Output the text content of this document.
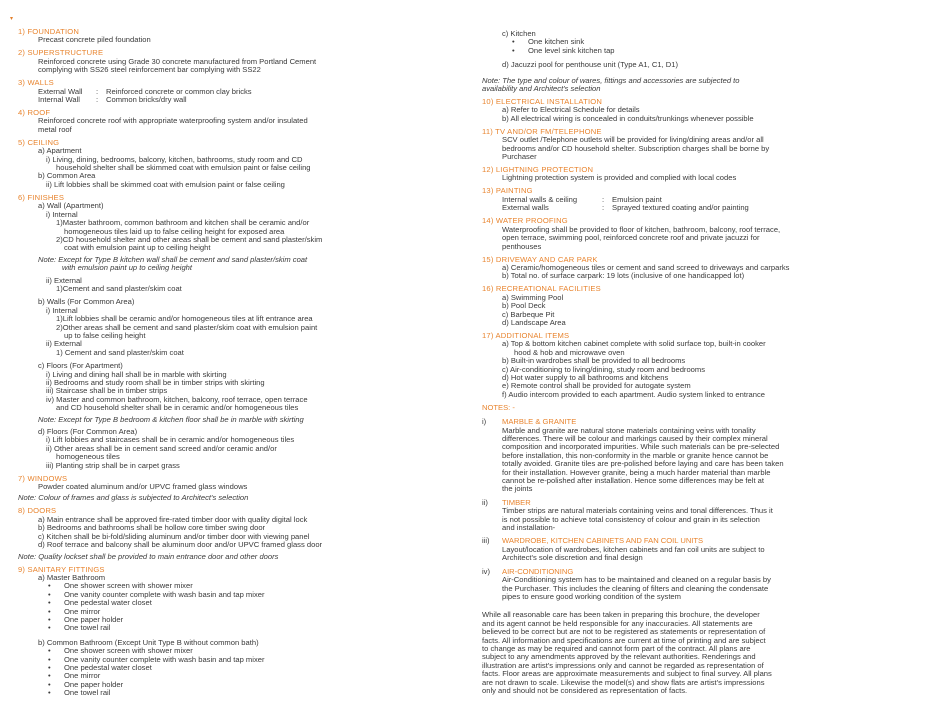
▾
1) FOUNDATION
Precast concrete piled foundation
2) SUPERSTRUCTURE
Reinforced concrete using Grade 30 concrete manufactured from Portland Cement
complying with SS26 steel reinforcement bar complying with SS22
3) WALLS
External Wall	:	Reinforced concrete or common clay bricks
Internal Wall	:	Common bricks/dry wall
4) ROOF
Reinforced concrete roof with appropriate waterproofing system and/or insulated
metal roof
5) CEILING
a) Apartment
i) Living, dining, bedrooms, balcony, kitchen, bathrooms, study room and CD
household shelter shall be skimmed coat with emulsion paint or false ceiling
b) Common Area
ii) Lift lobbies shall be skimmed coat with emulsion paint or false ceiling
6) FINISHES
a) Wall (Apartment)
i) Internal
1)Master bathroom, common bathroom and kitchen shall be ceramic and/or
homogeneous tiles laid up to false ceiling height for exposed area
2)CD household shelter and other areas shall be cement and sand plaster/skim
coat with emulsion paint up to ceiling height
Note: Except for Type B kitchen wall shall be cement and sand plaster/skim coat
with emulsion paint up to ceiling height
ii) External
1)Cement and sand plaster/skim coat
b) Walls (For Common Area)
i) Internal
1)Lift lobbies shall be ceramic and/or homogeneous tiles at lift entrance area
2)Other areas shall be cement and sand plaster/skim coat with emulsion paint
up to false ceiling height
ii) External
1) Cement and sand plaster/skim coat
c) Floors (For Apartment)
i) Living and dining hall shall be in marble with skirting
ii) Bedrooms and study room shall be in timber strips with skirting
iii) Staircase shall be in timber strips
iv) Master and common bathroom, kitchen, balcony, roof terrace, open terrace
and CD household shelter shall be in ceramic and/or homogeneous tiles
Note: Except for Type B bedroom & kitchen floor shall be in marble with skirting
d) Floors (For Common Area)
i) Lift lobbies and staircases shall be in ceramic and/or homogeneous tiles
ii) Other areas shall be in cement sand screed and/or ceramic and/or
homogeneous tiles
iii) Planting strip shall be in carpet grass
7) WINDOWS
Powder coated aluminum and/or UPVC framed glass windows
Note: Colour of frames and glass is subjected to Architect's selection
8) DOORS
a) Main entrance shall be approved fire-rated timber door with quality digital lock
b) Bedrooms and bathrooms shall be hollow core timber swing door
c) Kitchen shall be bi-fold/sliding aluminum and/or timber door with viewing panel
d) Roof terrace and balcony shall be aluminum door and/or UPVC framed glass door
Note: Quality lockset shall be provided to main entrance door and other doors
9) SANITARY FITTINGS
a) Master Bathroom
•	One shower screen with shower mixer
•	One vanity counter complete with wash basin and tap mixer
•	One pedestal water closet
•	One mirror
•	One paper holder
•	One towel rail
b) Common Bathroom (Except Unit Type B without common bath)
•	One shower screen with shower mixer
•	One vanity counter complete with wash basin and tap mixer
•	One pedestal water closet
•	One mirror
•	One paper holder
•	One towel rail
c) Kitchen
•	One kitchen sink
•	One level sink kitchen tap
d) Jacuzzi pool for penthouse unit (Type A1, C1, D1)
Note: The type and colour of wares, fittings and accessories are subjected to
availability and Architect's selection
10) ELECTRICAL INSTALLATION
a) Refer to Electrical Schedule for details
b) All electrical wiring is concealed in conduits/trunkings whenever possible
11) TV AND/OR FM/TELEPHONE
SCV outlet /Telephone outlets will be provided for living/dining areas and/or all
bedrooms and/or CD household shelter. Subscription charges shall be borne by
Purchaser
12) LIGHTNING PROTECTION
Lightning protection system is provided and complied with local codes
13) PAINTING
Internal walls & ceiling	:	Emulsion paint
External walls	:	Sprayed textured coating and/or painting
14) WATER PROOFING
Waterproofing shall be provided to floor of kitchen, bathroom, balcony, roof terrace,
open terrace, swimming pool, reinforced concrete roof and private jacuzzi for
penthouses
15) DRIVEWAY AND CAR PARK
a) Ceramic/homogeneous tiles or cement and sand screed to driveways and carparks
b) Total no. of surface carpark: 19 lots (inclusive of one handicapped lot)
16) RECREATIONAL FACILITIES
a) Swimming Pool
b) Pool Deck
c) Barbeque Pit
d) Landscape Area
17) ADDITIONAL ITEMS
a) Top & bottom kitchen cabinet complete with solid surface top, built-in cooker
hood & hob and microwave oven
b) Built-in wardrobes shall be provided to all bedrooms
c) Air-conditioning to living/dining, study room and bedrooms
d) Hot water supply to all bathrooms and kitchens
e) Remote control shall be provided for autogate system
f) Audio intercom provided to each apartment. Audio system linked to entrance
NOTES: -
i)	MARBLE & GRANITE
Marble and granite are natural stone materials containing veins with tonality
differences. There will be colour and markings caused by their complex mineral
composition and incorporated impurities. While such materials can be pre-selected
before installation, this non-conformity in the marble or granite hence cannot be
totally avoided. Granite tiles are pre-polished before laying and care has been taken
for their installation. However granite, being a much harder material than marble
cannot be re-polished after installation. Hence some differences may be felt at
the joints
ii)	TIMBER
Timber strips are natural materials containing veins and tonal differences. Thus it
is not possible to achieve total consistency of colour and grain in its selection
and installation-
iii)	WARDROBE, KITCHEN CABINETS AND FAN COIL UNITS
Layout/location of wardrobes, kitchen cabinets and fan coil units are subject to
Architect's sole discretion and final design
iv)	AIR-CONDITIONING
Air-Conditioning system has to be maintained and cleaned on a regular basis by
the Purchaser. This includes the cleaning of filters and cleaning the condensate
pipes to ensure good working condition of the system
While all reasonable care has been taken in preparing this brochure, the developer
and its agent cannot be held responsible for any inaccuracies. All statements are
believed to be correct but are not to be registered as statements or representation of
facts. All information and specifications are current at time of printing and are subject
to change as may be required and cannot form part of the contract. All plans are
subject to any amendments approved by the relevant authorities. Renderings and
illustration are artist's impressions only and cannot be regarded as representation of
facts. Floor areas are approximate measurements and subject to final survey. All plans
are not drawn to scale. Likewise the model(s) and show flats are artist's impressions
only and should not be considered as representation of facts.
